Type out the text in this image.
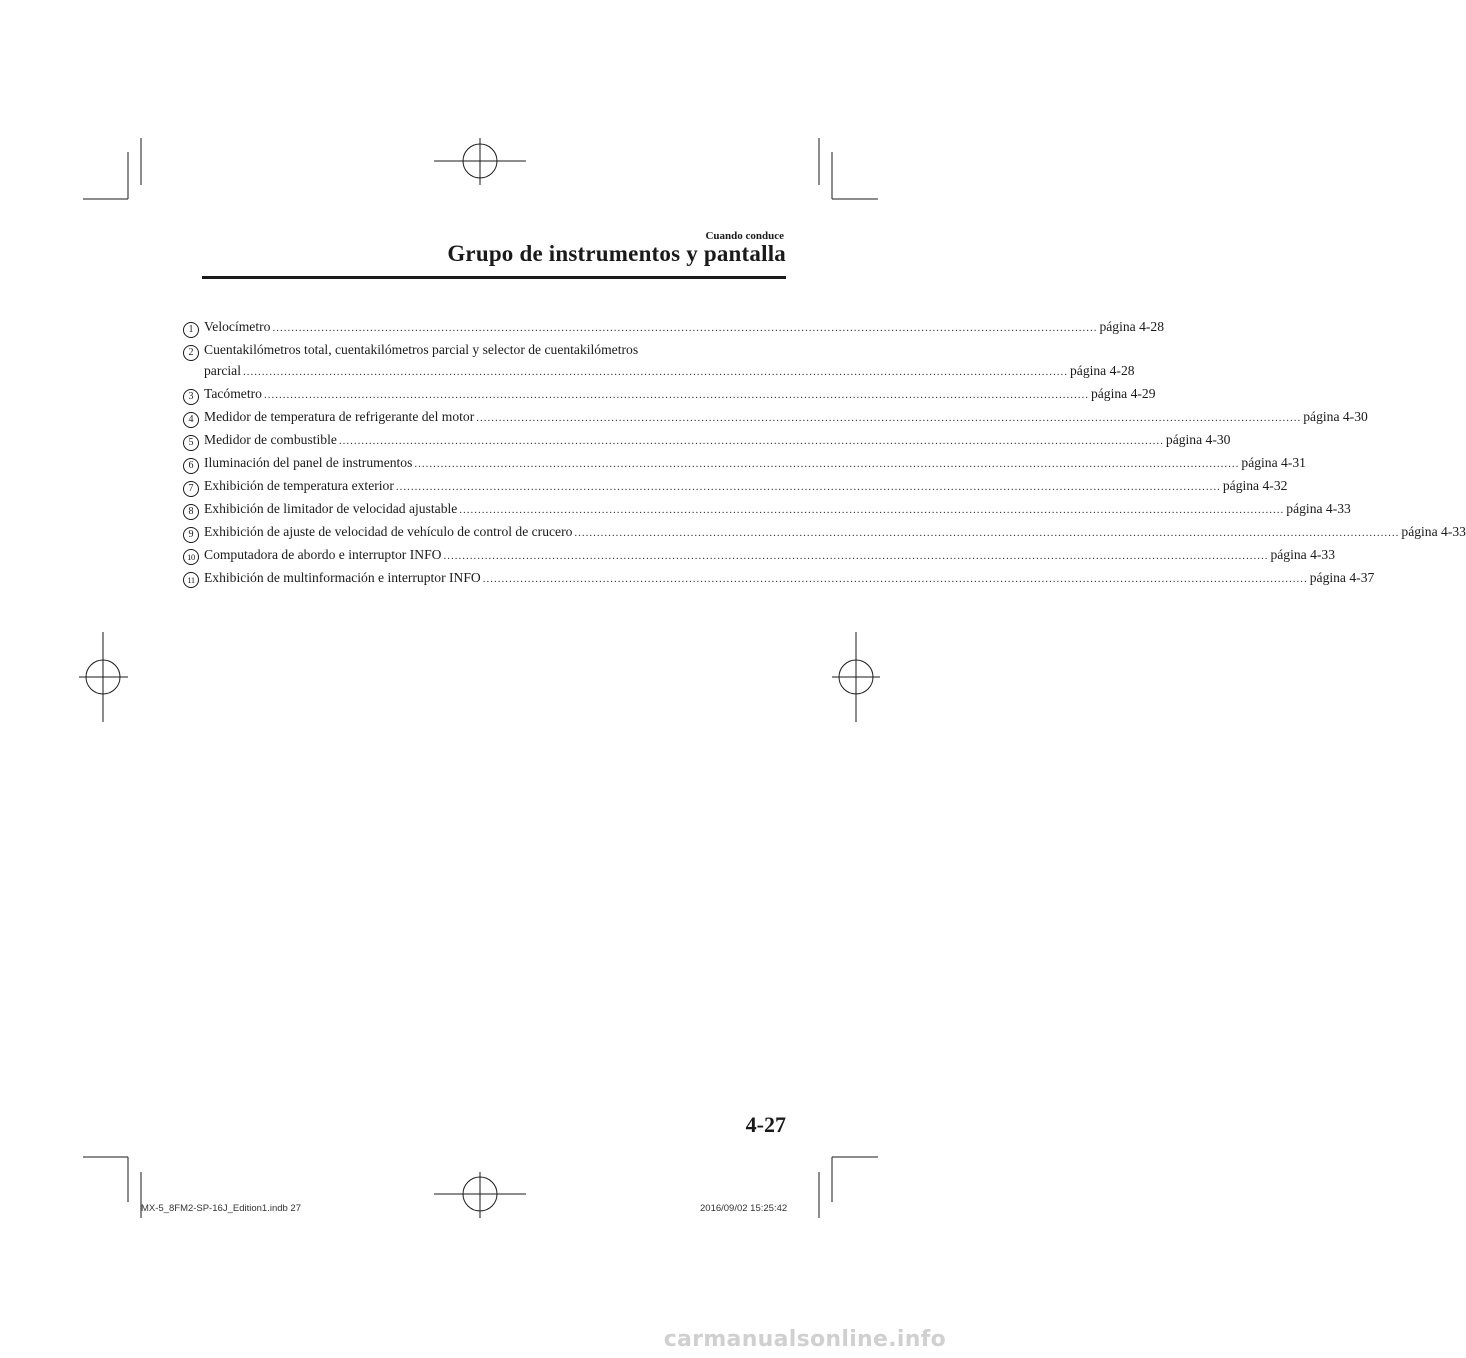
Cuando conduce
Grupo de instrumentos y pantalla
1 Velocímetro ............................................................................................................................................................................................................................ página 4-28
2 Cuentakilómetros total, cuentakilómetros parcial y selector de cuentakilómetros
parcial ............................................................................................................................................................................................................................ página 4-28
3 Tacómetro ............................................................................................................................................................................................................................ página 4-29
4 Medidor de temperatura de refrigerante del motor ............................................................................................................................................................................................................................ página 4-30
5 Medidor de combustible ............................................................................................................................................................................................................................ página 4-30
6 Iluminación del panel de instrumentos ............................................................................................................................................................................................................................ página 4-31
7 Exhibición de temperatura exterior ............................................................................................................................................................................................................................ página 4-32
8 Exhibición de limitador de velocidad ajustable ............................................................................................................................................................................................................................ página 4-33
9 Exhibición de ajuste de velocidad de vehículo de control de crucero ............................................................................................................................................................................................................................ página 4-33
10 Computadora de abordo e interruptor INFO ............................................................................................................................................................................................................................ página 4-33
11 Exhibición de multinformación e interruptor INFO ............................................................................................................................................................................................................................ página 4-37
4-27
MX-5_8FM2-SP-16J_Edition1.indb 27	2016/09/02 15:25:42
carmanualsonline.info
